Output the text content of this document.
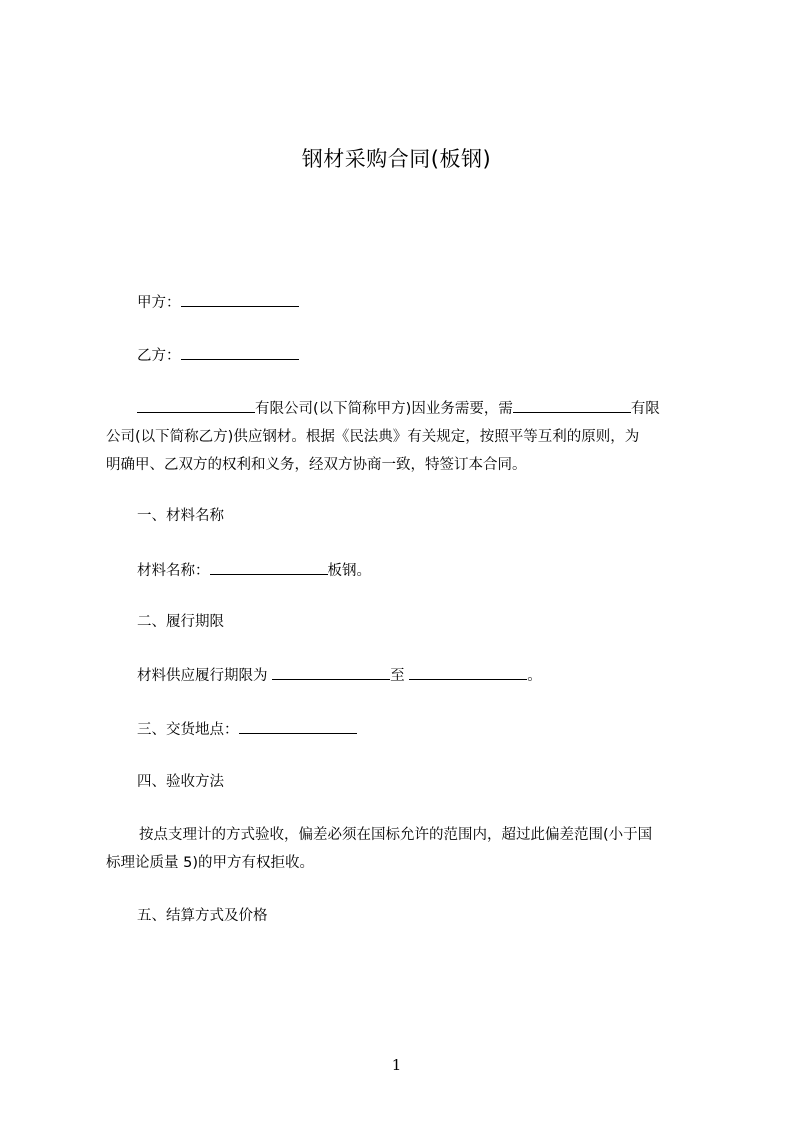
钢材采购合同(板钢)
甲方：
乙方：

有限公司(以下简称甲方)因业务需要，需	有限

公司(以下简称乙方)供应钢材。根据《民法典》有关规定，按照平等互利的原则，为

明确甲、乙双方的权利和义务，经双方协商一致，特签订本合同。

一、材料名称
材料名称：	板钢。
二、履行期限
材料供应履行期限为	至	。
三、交货地点：
四、验收方法

按点支理计的方式验收，偏差必须在国标允许的范围内，超过此偏差范围(小于国

标理论质量 5)的甲方有权拒收。

五、结算方式及价格
1
